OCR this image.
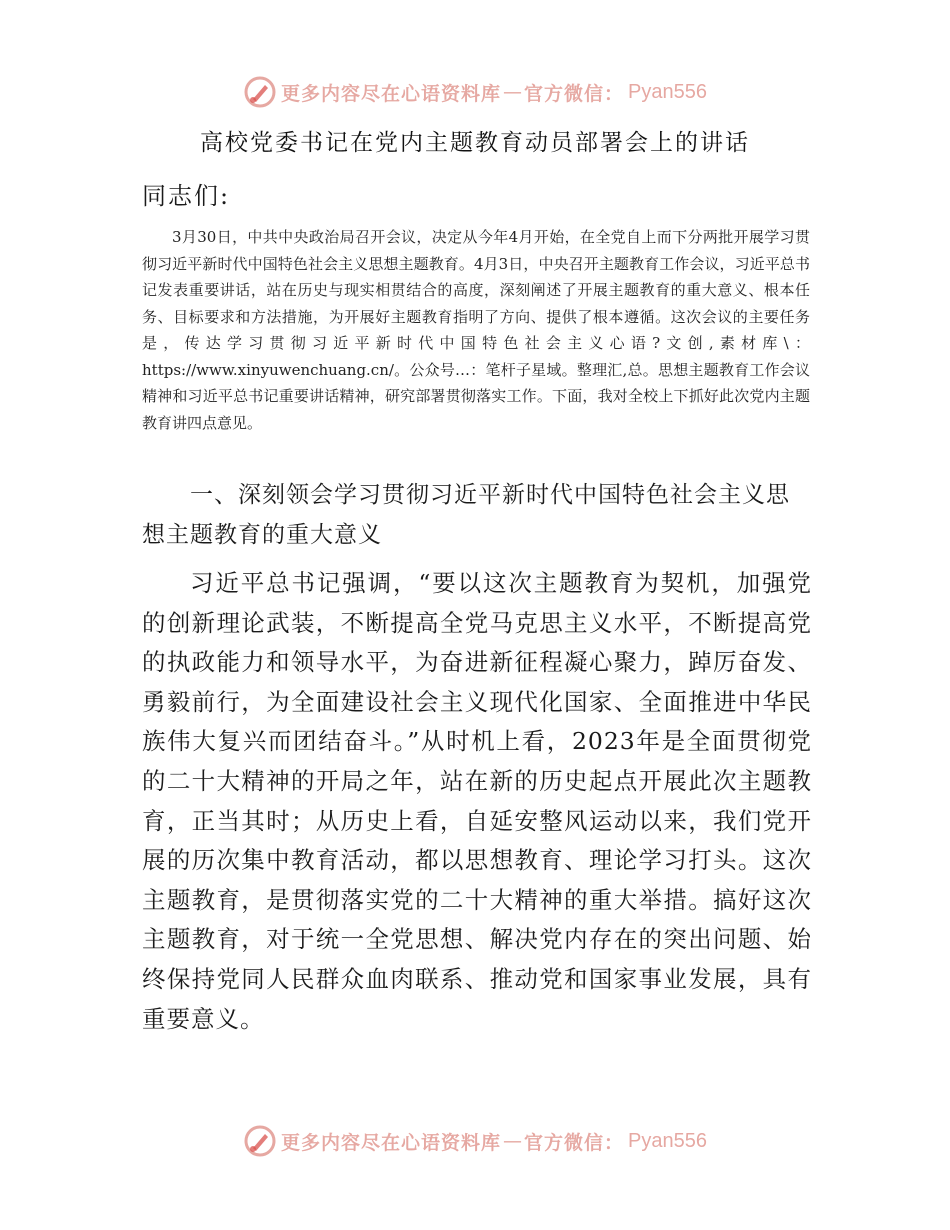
更多内容尽在心语资料库 — 官方微信： Pyan556
高校党委书记在党内主题教育动员部署会上的讲话
同志们:

3月30日，中共中央政治局召开会议，决定从今年4月开始，在全党自上而下分两批开展学习贯彻习近平新时代中国特色社会主义思想主题教育。4月3日，中央召开主题教育工作会议，习近平总书记发表重要讲话，站在历史与现实相贯结合的高度，深刻阐述了开展主题教育的重大意义、根本任务、目标要求和方法措施，为开展好主题教育指明了方向、提供了根本遵循。这次会议的主要任务是，传达学习贯彻习近平新时代中国特色社会主义心语?文创,素材库\：https://www.xinyuwenchuang.cn/。公众号…：笔杆子星域。整理汇,总。思想主题教育工作会议精神和习近平总书记重要讲话精神，研究部署贯彻落实工作。下面，我对全校上下抓好此次党内主题教育讲四点意见。

一、深刻领会学习贯彻习近平新时代中国特色社会主义思想主题教育的重大意义

习近平总书记强调，“要以这次主题教育为契机，加强党的创新理论武装，不断提高全党马克思主义水平，不断提高党的执政能力和领导水平，为奋进新征程凝心聚力，踔厉奋发、勇毅前行，为全面建设社会主义现代化国家、全面推进中华民族伟大复兴而团结奋斗。”从时机上看，2023年是全面贯彻党的二十大精神的开局之年，站在新的历史起点开展此次主题教育，正当其时；从历史上看，自延安整风运动以来，我们党开展的历次集中教育活动，都以思想教育、理论学习打头。这次主题教育，是贯彻落实党的二十大精神的重大举措。搞好这次主题教育，对于统一全党思想、解决党内存在的突出问题、始终保持党同人民群众血肉联系、推动党和国家事业发展，具有重要意义。

更多内容尽在心语资料库 — 官方微信： Pyan556
